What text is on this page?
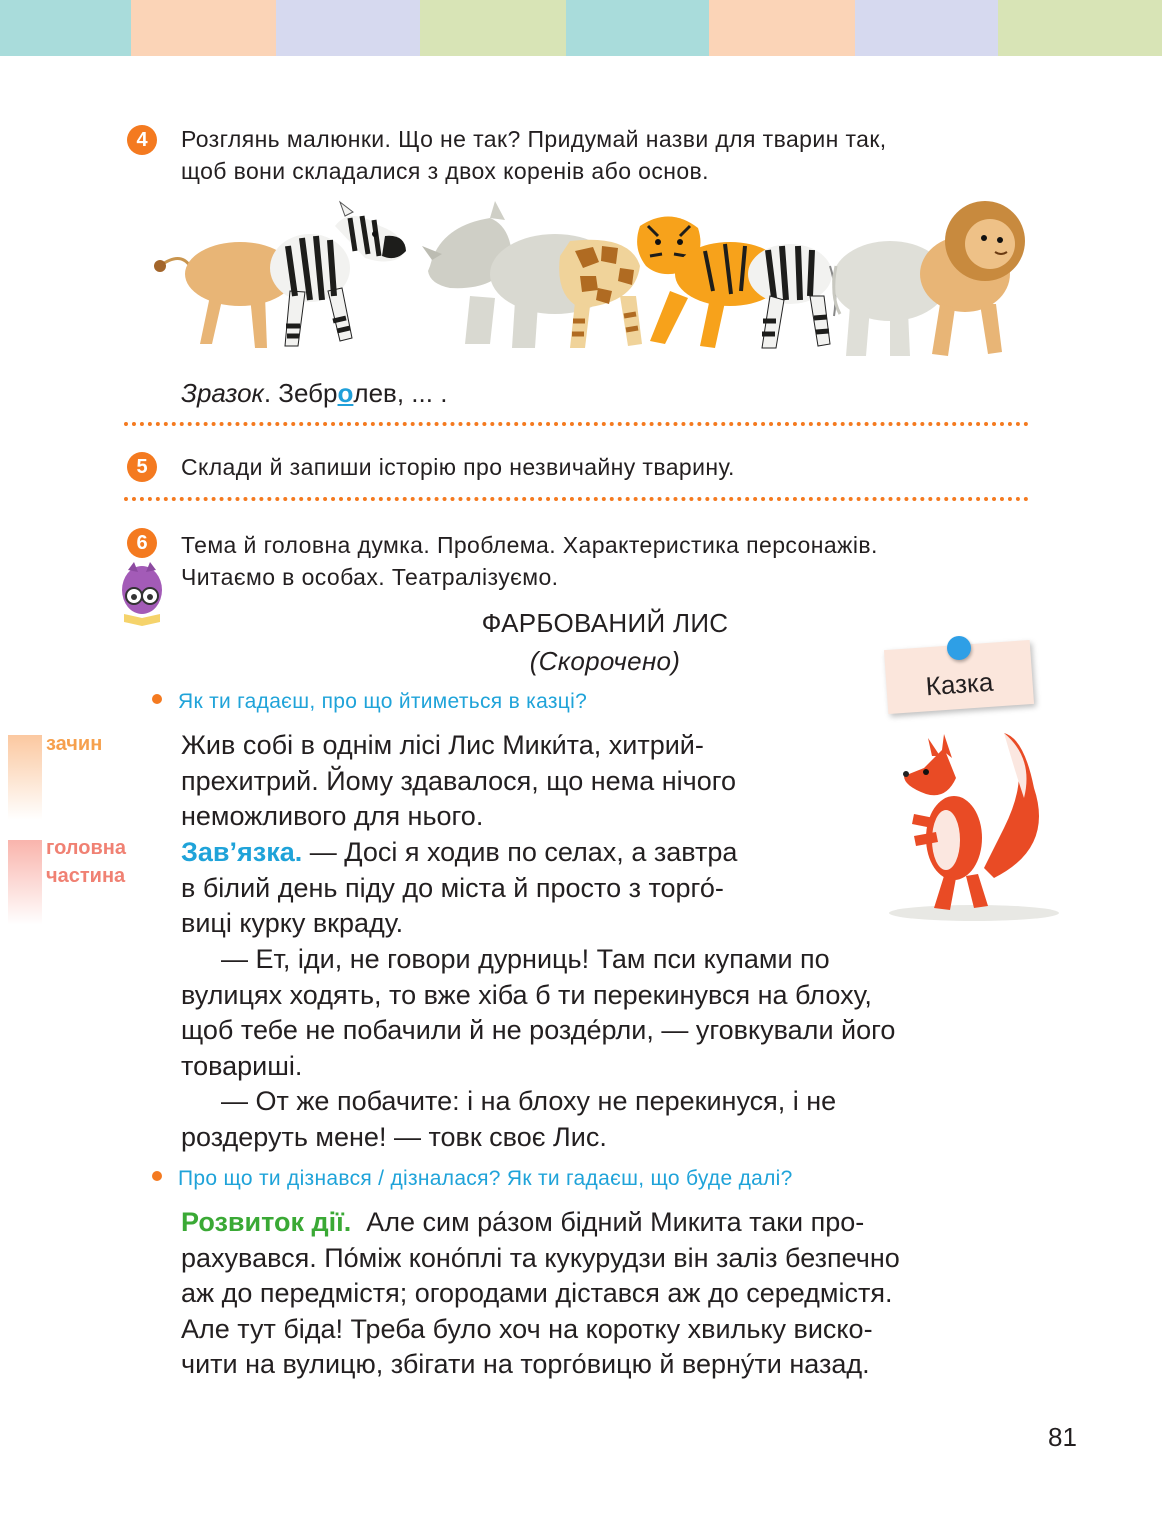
4	Розглянь малюнки. Що не так? Придумай назви для тварин так,
щоб вони складалися з двох коренів або основ.
Зразок. Зебролев, ... .
5	Склади й запиши історію про незвичайну тварину.
6	Тема й головна думка. Проблема. Характеристика персонажів.
Читаємо в особах. Театралізуємо.
ФАРБОВАНИЙ ЛИС
(Скорочено)
Казка
Як ти гадаєш, про що йтиметься в казці?
зачин
головна
частина
Жив собі в однім лісі Лис Мики́та, хитрий-
прехитрий. Йому здавалося, що нема нічого
неможливого для нього.
Зав’язка. — Досі я ходив по селах, а завтра
в білий день піду до міста й просто з торго́-
виці курку вкраду.
— Ет, іди, не говори дурниць! Там пси купами по
вулицях ходять, то вже хіба б ти перекинувся на блоху,
щоб тебе не побачили й не розде́рли, — уговкували його
товариші.
— От же побачите: і на блоху не перекинуся, і не
роздеруть мене! — товк своє Лис.
Про що ти дізнався / дізналася? Як ти гадаєш, що буде далі?
Розвиток дії.  Але сим ра́зом бідний Микита таки про-
рахувався. По́між коно́плі та кукурудзи він заліз безпечно
аж до передмістя; огородами дістався аж до середмістя.
Але тут біда! Треба було хоч на коротку хвильку виско-
чити на вулицю, збігати на торго́вицю й верну́ти назад.
81
